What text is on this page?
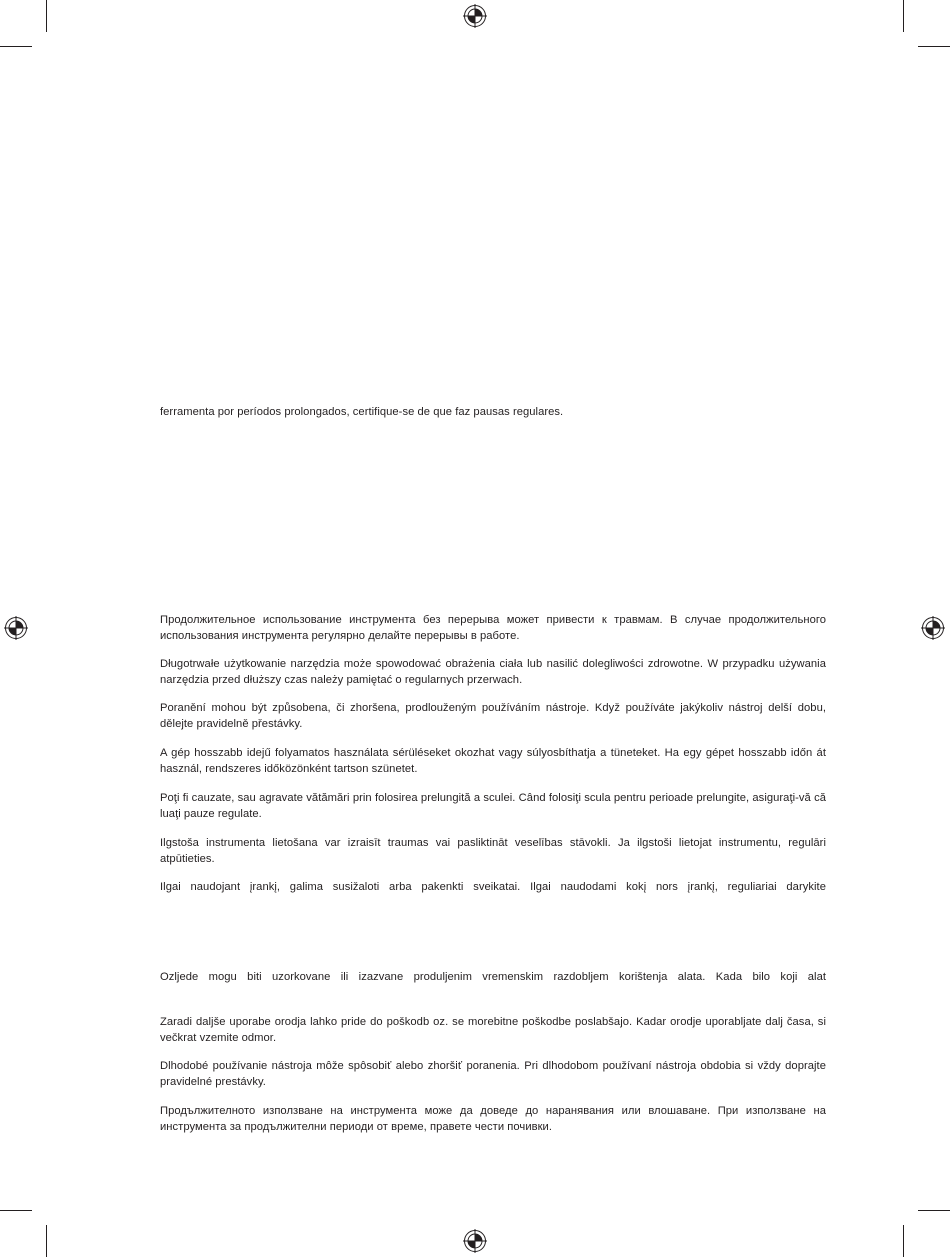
ferramenta por períodos prolongados, certifique-se de que faz pausas regulares.

Продолжительное использование инструмента без перерыва может привести к травмам. В случае продолжительного использования инструмента регулярно делайте перерывы в работе.

Długotrwałe użytkowanie narzędzia może spowodować obrażenia ciała lub nasilić dolegliwości zdrowotne. W przypadku używania narzędzia przed dłuższy czas należy pamiętać o regularnych przerwach.

Poranění mohou být způsobena, či zhoršena, prodlouženým používáním nástroje. Když používáte jakýkoliv nástroj delší dobu, dělejte pravidelně přestávky.

A gép hosszabb idejű folyamatos használata sérüléseket okozhat vagy súlyosbíthatja a tüneteket. Ha egy gépet hosszabb időn át használ, rendszeres időközönként tartson szünetet.

Poţi fi cauzate, sau agravate vătămări prin folosirea prelungită a sculei. Când folosiţi scula pentru perioade prelungite, asiguraţi-vă că luaţi pauze regulate.

Ilgstoša instrumenta lietošana var izraisīt traumas vai pasliktināt veselības stāvokli. Ja ilgstoši lietojat instrumentu, regulāri atpūtieties.

Ilgai naudojant įrankį, galima susižaloti arba pakenkti sveikatai. Ilgai naudodami kokį nors įrankį, reguliariai darykite

Ozljede mogu biti uzorkovane ili izazvane produljenim vremenskim razdobljem korištenja alata. Kada bilo koji alat

Zaradi daljše uporabe orodja lahko pride do poškodb oz. se morebitne poškodbe poslabšajo. Kadar orodje uporabljate dalj časa, si večkrat vzemite odmor.

Dlhodobé používanie nástroja môže spôsobiť alebo zhoršiť poranenia. Pri dlhodobom používaní nástroja obdobia si vždy doprajte pravidelné prestávky.

Продължителното използване на инструмента може да доведе до наранявания или влошаване. При използване на инструмента за продължителни периоди от време, правете чести почивки.
